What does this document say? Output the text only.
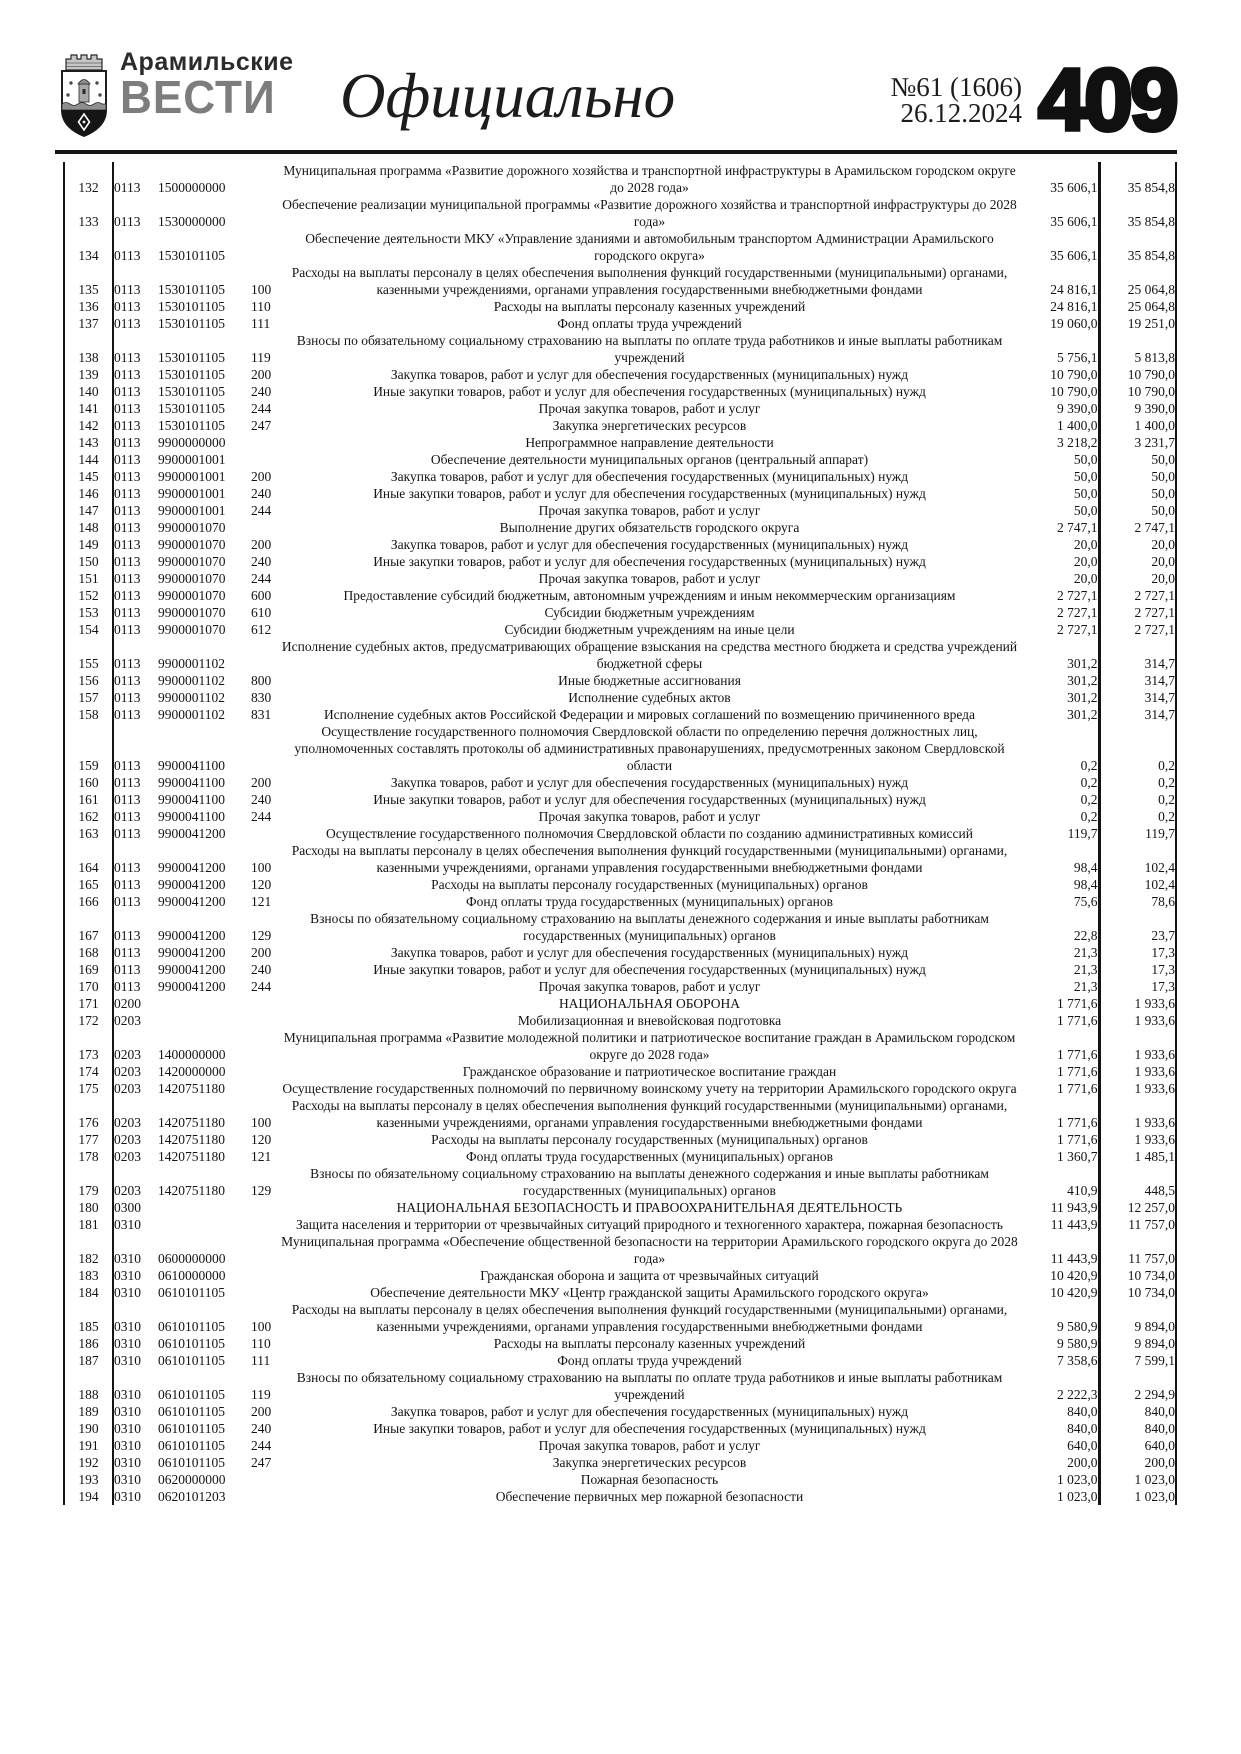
Арамильские
ВЕСТИ Официально	№61 (1606)
26.12.2024 409
132	0113	1500000000		Муниципальная программа «Развитие дорожного хозяйства и транспортной инфраструктуры в Арамильском городском округе до 2028 года»	35 606,1	35 854,8
133	0113	1530000000		Обеспечение реализации муниципальной программы «Развитие дорожного хозяйства и транспортной инфраструктуры до 2028 года»	35 606,1	35 854,8
134	0113	1530101105		Обеспечение деятельности МКУ «Управление зданиями и автомобильным транспортом Администрации Арамильского городского округа»	35 606,1	35 854,8
135	0113	1530101105	100	Расходы на выплаты персоналу в целях обеспечения выполнения функций государственными (муниципальными) органами, казенными учреждениями, органами управления государственными внебюджетными фондами	24 816,1	25 064,8
136	0113	1530101105	110	Расходы на выплаты персоналу казенных учреждений	24 816,1	25 064,8
137	0113	1530101105	111	Фонд оплаты труда учреждений	19 060,0	19 251,0
138	0113	1530101105	119	Взносы по обязательному социальному страхованию на выплаты по оплате труда работников и иные выплаты работникам учреждений	5 756,1	5 813,8
139	0113	1530101105	200	Закупка товаров, работ и услуг для обеспечения государственных (муниципальных) нужд	10 790,0	10 790,0
140	0113	1530101105	240	Иные закупки товаров, работ и услуг для обеспечения государственных (муниципальных) нужд	10 790,0	10 790,0
141	0113	1530101105	244	Прочая закупка товаров, работ и услуг	9 390,0	9 390,0
142	0113	1530101105	247	Закупка энергетических ресурсов	1 400,0	1 400,0
143	0113	9900000000		Непрограммное направление деятельности	3 218,2	3 231,7
144	0113	9900001001		Обеспечение деятельности муниципальных органов (центральный аппарат)	50,0	50,0
145	0113	9900001001	200	Закупка товаров, работ и услуг для обеспечения государственных (муниципальных) нужд	50,0	50,0
146	0113	9900001001	240	Иные закупки товаров, работ и услуг для обеспечения государственных (муниципальных) нужд	50,0	50,0
147	0113	9900001001	244	Прочая закупка товаров, работ и услуг	50,0	50,0
148	0113	9900001070		Выполнение других обязательств городского округа	2 747,1	2 747,1
149	0113	9900001070	200	Закупка товаров, работ и услуг для обеспечения государственных (муниципальных) нужд	20,0	20,0
150	0113	9900001070	240	Иные закупки товаров, работ и услуг для обеспечения государственных (муниципальных) нужд	20,0	20,0
151	0113	9900001070	244	Прочая закупка товаров, работ и услуг	20,0	20,0
152	0113	9900001070	600	Предоставление субсидий бюджетным, автономным учреждениям и иным некоммерческим организациям	2 727,1	2 727,1
153	0113	9900001070	610	Субсидии бюджетным учреждениям	2 727,1	2 727,1
154	0113	9900001070	612	Субсидии бюджетным учреждениям на иные цели	2 727,1	2 727,1
155	0113	9900001102		Исполнение судебных актов, предусматривающих обращение взыскания на средства местного бюджета и средства учреждений бюджетной сферы	301,2	314,7
156	0113	9900001102	800	Иные бюджетные ассигнования	301,2	314,7
157	0113	9900001102	830	Исполнение судебных актов	301,2	314,7
158	0113	9900001102	831	Исполнение судебных актов Российской Федерации и мировых соглашений по возмещению причиненного вреда	301,2	314,7
159	0113	9900041100		Осуществление государственного полномочия Свердловской области по определению перечня должностных лиц, уполномоченных составлять протоколы об административных правонарушениях, предусмотренных законом Свердловской области	0,2	0,2
160	0113	9900041100	200	Закупка товаров, работ и услуг для обеспечения государственных (муниципальных) нужд	0,2	0,2
161	0113	9900041100	240	Иные закупки товаров, работ и услуг для обеспечения государственных (муниципальных) нужд	0,2	0,2
162	0113	9900041100	244	Прочая закупка товаров, работ и услуг	0,2	0,2
163	0113	9900041200		Осуществление государственного полномочия Свердловской области по созданию административных комиссий	119,7	119,7
164	0113	9900041200	100	Расходы на выплаты персоналу в целях обеспечения выполнения функций государственными (муниципальными) органами, казенными учреждениями, органами управления государственными внебюджетными фондами	98,4	102,4
165	0113	9900041200	120	Расходы на выплаты персоналу государственных (муниципальных) органов	98,4	102,4
166	0113	9900041200	121	Фонд оплаты труда государственных (муниципальных) органов	75,6	78,6
167	0113	9900041200	129	Взносы по обязательному социальному страхованию на выплаты денежного содержания и иные выплаты работникам государственных (муниципальных) органов	22,8	23,7
168	0113	9900041200	200	Закупка товаров, работ и услуг для обеспечения государственных (муниципальных) нужд	21,3	17,3
169	0113	9900041200	240	Иные закупки товаров, работ и услуг для обеспечения государственных (муниципальных) нужд	21,3	17,3
170	0113	9900041200	244	Прочая закупка товаров, работ и услуг	21,3	17,3
171	0200			НАЦИОНАЛЬНАЯ ОБОРОНА	1 771,6	1 933,6
172	0203			Мобилизационная и вневойсковая подготовка	1 771,6	1 933,6
173	0203	1400000000		Муниципальная программа «Развитие молодежной политики и патриотическое воспитание граждан в Арамильском городском округе до 2028 года»	1 771,6	1 933,6
174	0203	1420000000		Гражданское образование и патриотическое воспитание граждан	1 771,6	1 933,6
175	0203	1420751180		Осуществление государственных полномочий по первичному воинскому учету на территории Арамильского городского округа	1 771,6	1 933,6
176	0203	1420751180	100	Расходы на выплаты персоналу в целях обеспечения выполнения функций государственными (муниципальными) органами, казенными учреждениями, органами управления государственными внебюджетными фондами	1 771,6	1 933,6
177	0203	1420751180	120	Расходы на выплаты персоналу государственных (муниципальных) органов	1 771,6	1 933,6
178	0203	1420751180	121	Фонд оплаты труда государственных (муниципальных) органов	1 360,7	1 485,1
179	0203	1420751180	129	Взносы по обязательному социальному страхованию на выплаты денежного содержания и иные выплаты работникам государственных (муниципальных) органов	410,9	448,5
180	0300			НАЦИОНАЛЬНАЯ БЕЗОПАСНОСТЬ И ПРАВООХРАНИТЕЛЬНАЯ ДЕЯТЕЛЬНОСТЬ	11 943,9	12 257,0
181	0310			Защита населения и территории от чрезвычайных ситуаций природного и техногенного характера, пожарная безопасность	11 443,9	11 757,0
182	0310	0600000000		Муниципальная программа «Обеспечение общественной безопасности на территории Арамильского городского округа до 2028 года»	11 443,9	11 757,0
183	0310	0610000000		Гражданская оборона и защита от чрезвычайных ситуаций	10 420,9	10 734,0
184	0310	0610101105		Обеспечение деятельности МКУ «Центр гражданской защиты Арамильского городского округа»	10 420,9	10 734,0
185	0310	0610101105	100	Расходы на выплаты персоналу в целях обеспечения выполнения функций государственными (муниципальными) органами, казенными учреждениями, органами управления государственными внебюджетными фондами	9 580,9	9 894,0
186	0310	0610101105	110	Расходы на выплаты персоналу казенных учреждений	9 580,9	9 894,0
187	0310	0610101105	111	Фонд оплаты труда учреждений	7 358,6	7 599,1
188	0310	0610101105	119	Взносы по обязательному социальному страхованию на выплаты по оплате труда работников и иные выплаты работникам учреждений	2 222,3	2 294,9
189	0310	0610101105	200	Закупка товаров, работ и услуг для обеспечения государственных (муниципальных) нужд	840,0	840,0
190	0310	0610101105	240	Иные закупки товаров, работ и услуг для обеспечения государственных (муниципальных) нужд	840,0	840,0
191	0310	0610101105	244	Прочая закупка товаров, работ и услуг	640,0	640,0
192	0310	0610101105	247	Закупка энергетических ресурсов	200,0	200,0
193	0310	0620000000		Пожарная безопасность	1 023,0	1 023,0
194	0310	0620101203		Обеспечение первичных мер пожарной безопасности	1 023,0	1 023,0
